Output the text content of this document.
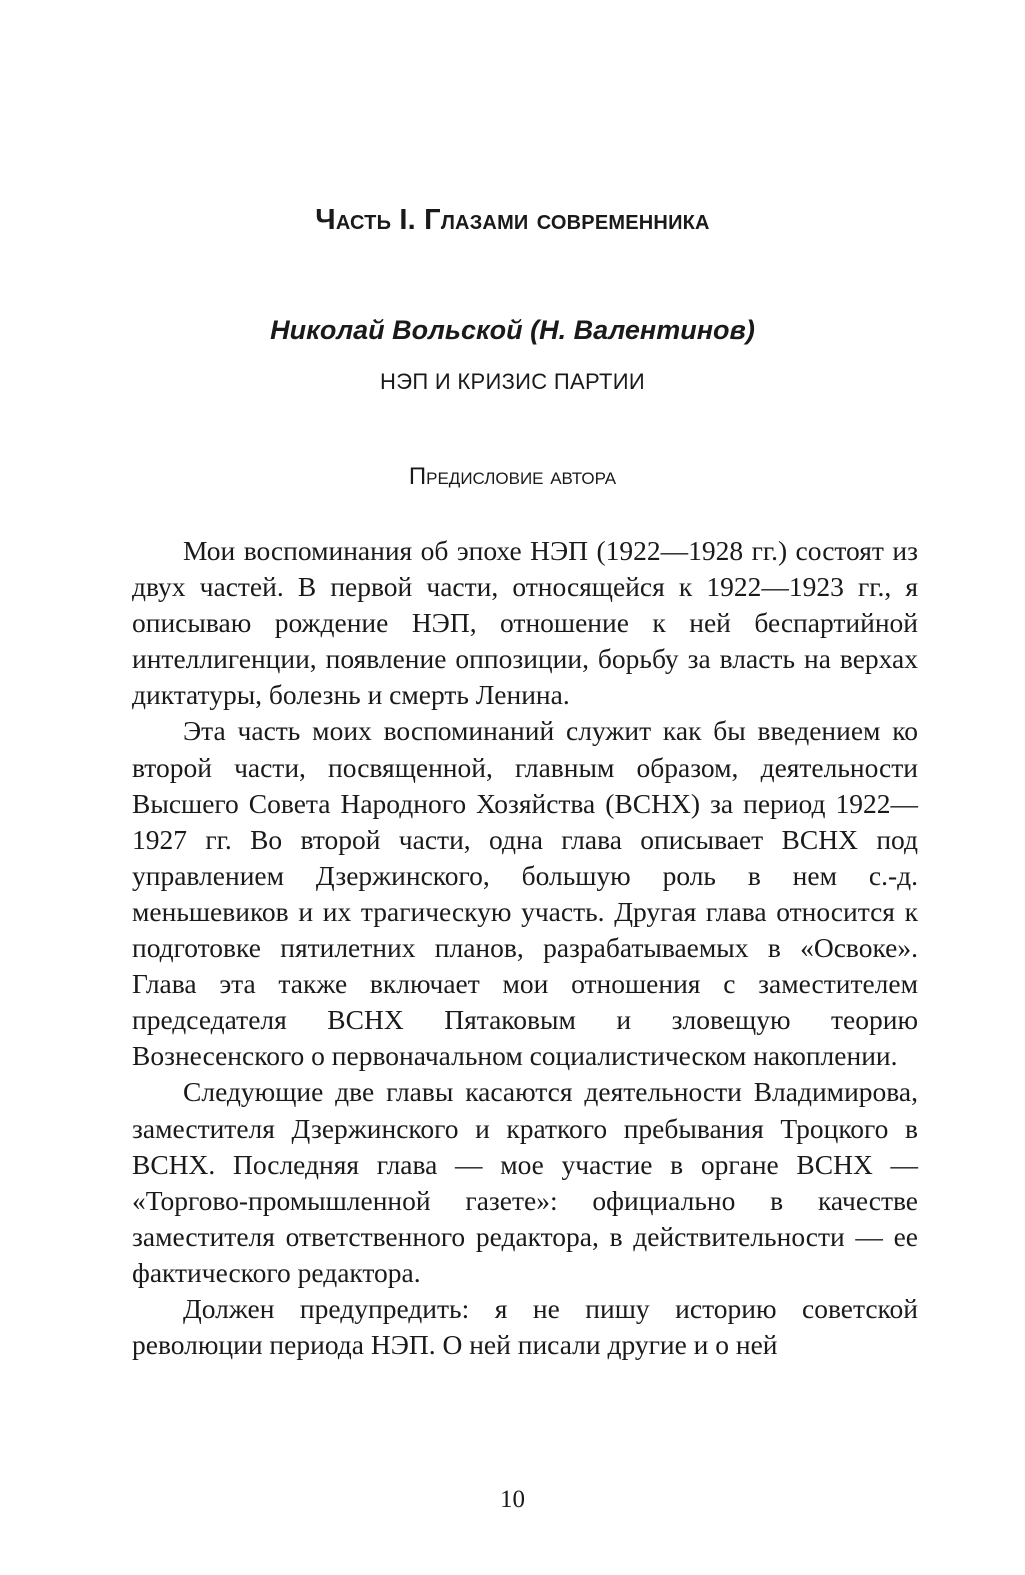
Часть I. Глазами современника
Николай Вольской (Н. Валентинов)
НЭП И КРИЗИС ПАРТИИ
Предисловие автора

Мои воспоминания об эпохе НЭП (1922—1928 гг.) состоят из двух частей. В первой части, относящейся к 1922—1923 гг., я описываю рождение НЭП, отношение к ней беспартийной интеллигенции, появление оппозиции, борьбу за власть на верхах диктатуры, болезнь и смерть Ленина.

Эта часть моих воспоминаний служит как бы введением ко второй части, посвященной, главным образом, деятельности Высшего Совета Народного Хозяйства (ВСНХ) за период 1922—1927 гг. Во второй части, одна глава описывает ВСНХ под управлением Дзержинского, большую роль в нем с.-д. меньшевиков и их трагическую участь. Другая глава относится к подготовке пятилетних планов, разрабатываемых в «Освоке». Глава эта также включает мои отношения с заместителем председателя ВСНХ Пятаковым и зловещую теорию Вознесенского о первоначальном социалистическом накоплении.

Следующие две главы касаются деятельности Владимирова, заместителя Дзержинского и краткого пребывания Троцкого в ВСНХ. Последняя глава — мое участие в органе ВСНХ — «Торгово-промышленной газете»: официально в качестве заместителя ответственного редактора, в действительности — ее фактического редактора.

Должен предупредить: я не пишу историю советской революции периода НЭП. О ней писали другие и о ней

10
